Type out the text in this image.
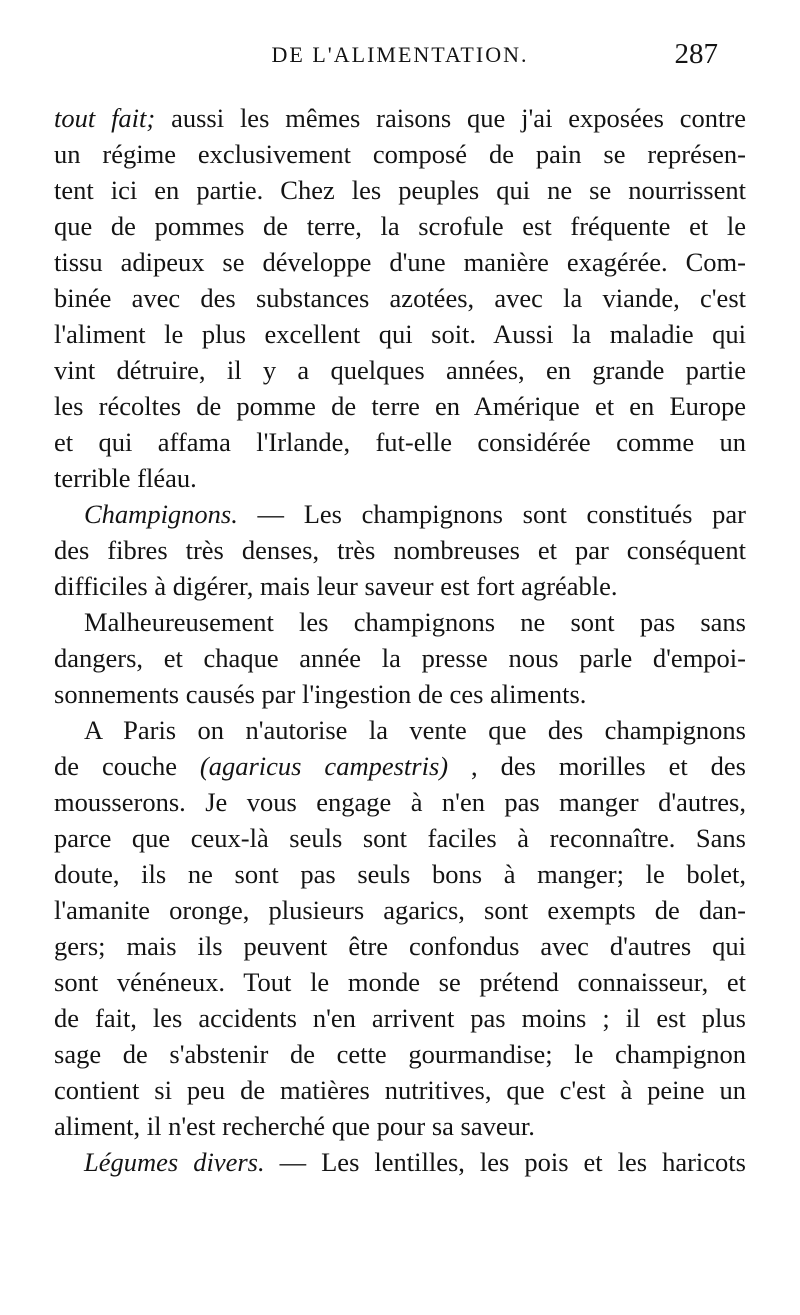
DE L'ALIMENTATION.	287
tout fait; aussi les mêmes raisons que j'ai exposées contre
un régime exclusivement composé de pain se représen-
tent ici en partie. Chez les peuples qui ne se nourrissent
que de pommes de terre, la scrofule est fréquente et le
tissu adipeux se développe d'une manière exagérée. Com-
binée avec des substances azotées, avec la viande, c'est
l'aliment le plus excellent qui soit. Aussi la maladie qui
vint détruire, il y a quelques années, en grande partie
les récoltes de pomme de terre en Amérique et en Europe
et qui affama l'Irlande, fut-elle considérée comme un
terrible fléau.
Champignons. — Les champignons sont constitués par
des fibres très denses, très nombreuses et par conséquent
difficiles à digérer, mais leur saveur est fort agréable.
Malheureusement les champignons ne sont pas sans
dangers, et chaque année la presse nous parle d'empoi-
sonnements causés par l'ingestion de ces aliments.
A Paris on n'autorise la vente que des champignons
de couche (agaricus campestris) , des morilles et des
mousserons. Je vous engage à n'en pas manger d'autres,
parce que ceux-là seuls sont faciles à reconnaître. Sans
doute, ils ne sont pas seuls bons à manger; le bolet,
l'amanite oronge, plusieurs agarics, sont exempts de dan-
gers; mais ils peuvent être confondus avec d'autres qui
sont vénéneux. Tout le monde se prétend connaisseur, et
de fait, les accidents n'en arrivent pas moins ; il est plus
sage de s'abstenir de cette gourmandise; le champignon
contient si peu de matières nutritives, que c'est à peine un
aliment, il n'est recherché que pour sa saveur.
Légumes divers. — Les lentilles, les pois et les haricots
